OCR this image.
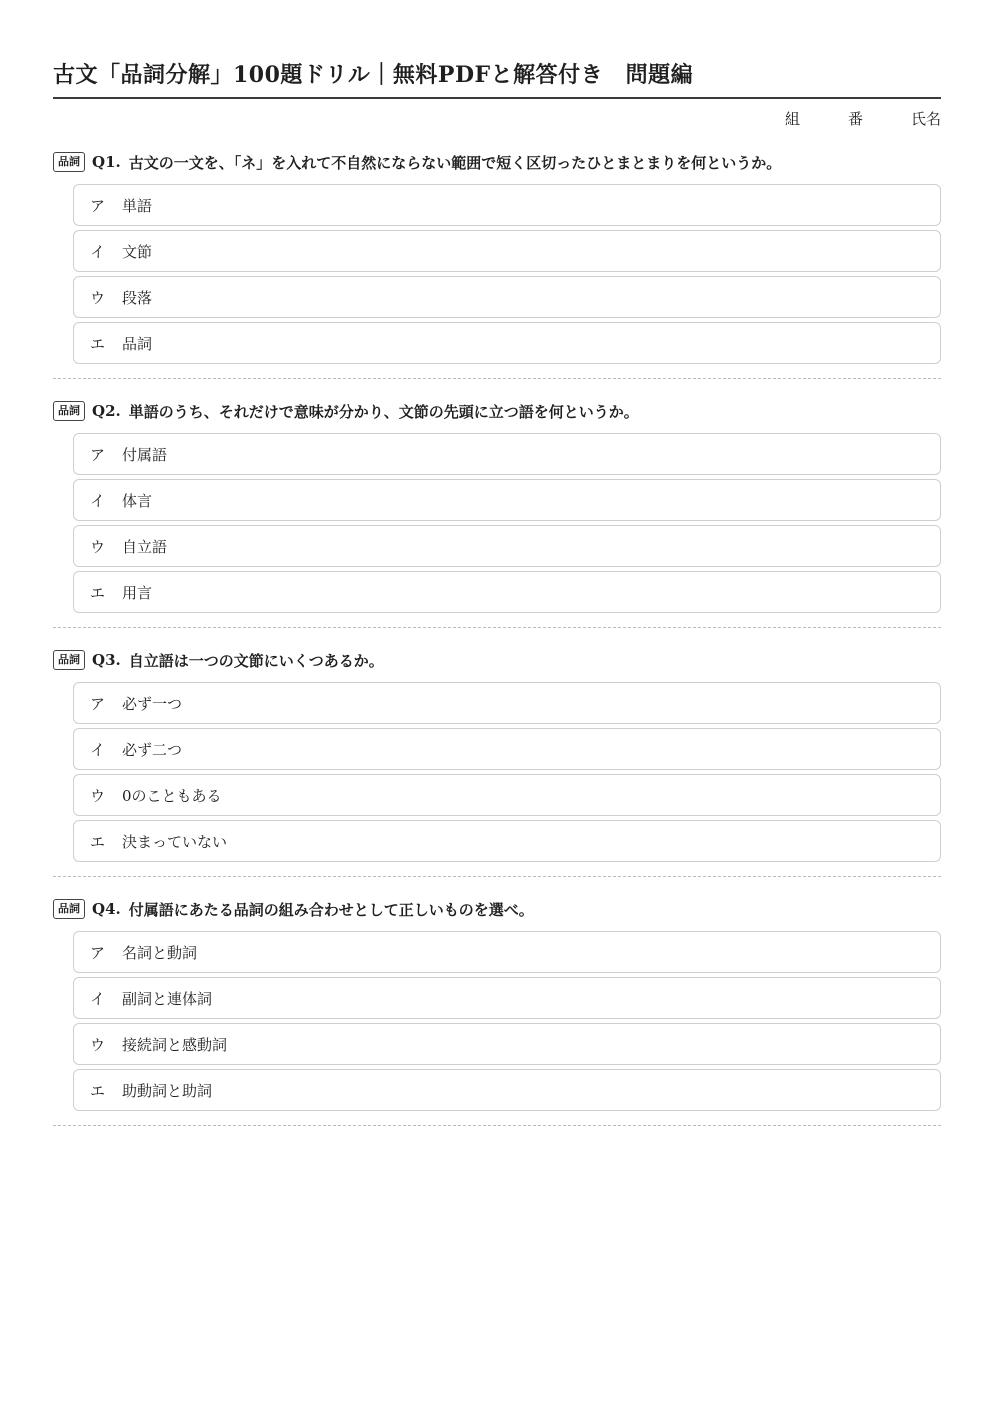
古文「品詞分解」100題ドリル｜無料PDFと解答付き　問題編
組	番	氏名
品詞 Q1. 古文の一文を、「ネ」を入れて不自然にならない範囲で短く区切ったひとまとまりを何というか。
ア	単語
イ	文節
ウ	段落
エ	品詞
品詞 Q2. 単語のうち、それだけで意味が分かり、文節の先頭に立つ語を何というか。
ア	付属語
イ	体言
ウ	自立語
エ	用言
品詞 Q3. 自立語は一つの文節にいくつあるか。
ア	必ず一つ
イ	必ず二つ
ウ	0のこともある
エ	決まっていない
品詞 Q4. 付属語にあたる品詞の組み合わせとして正しいものを選べ。
ア	名詞と動詞
イ	副詞と連体詞
ウ	接続詞と感動詞
エ	助動詞と助詞
